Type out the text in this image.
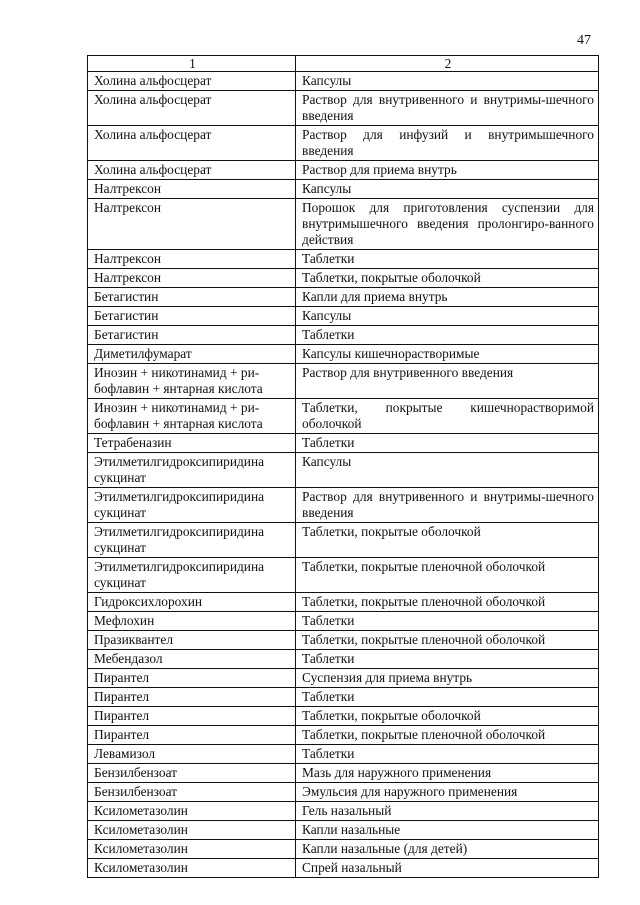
47
1	2
Холина альфосцерат	Капсулы
Холина альфосцерат	Раствор для внутривенного и внутримы-шечного введения
Холина альфосцерат	Раствор для инфузий и внутримышечного введения
Холина альфосцерат	Раствор для приема внутрь
Налтрексон	Капсулы
Налтрексон	Порошок для приготовления суспензии для внутримышечного введения пролонгиро-ванного действия
Налтрексон	Таблетки
Налтрексон	Таблетки, покрытые оболочкой
Бетагистин	Капли для приема внутрь
Бетагистин	Капсулы
Бетагистин	Таблетки
Диметилфумарат	Капсулы кишечнорастворимые
Инозин + никотинамид + ри-бофлавин + янтарная кислота	Раствор для внутривенного введения
Инозин + никотинамид + ри-бофлавин + янтарная кислота	Таблетки, покрытые кишечнорастворимой оболочкой
Тетрабеназин	Таблетки
Этилметилгидроксипиридина сукцинат	Капсулы
Этилметилгидроксипиридина сукцинат	Раствор для внутривенного и внутримы-шечного введения
Этилметилгидроксипиридина сукцинат	Таблетки, покрытые оболочкой
Этилметилгидроксипиридина сукцинат	Таблетки, покрытые пленочной оболочкой
Гидроксихлорохин	Таблетки, покрытые пленочной оболочкой
Мефлохин	Таблетки
Празиквантел	Таблетки, покрытые пленочной оболочкой
Мебендазол	Таблетки
Пирантел	Суспензия для приема внутрь
Пирантел	Таблетки
Пирантел	Таблетки, покрытые оболочкой
Пирантел	Таблетки, покрытые пленочной оболочкой
Левамизол	Таблетки
Бензилбензоат	Мазь для наружного применения
Бензилбензоат	Эмульсия для наружного применения
Ксилометазолин	Гель назальный
Ксилометазолин	Капли назальные
Ксилометазолин	Капли назальные (для детей)
Ксилометазолин	Спрей назальный
